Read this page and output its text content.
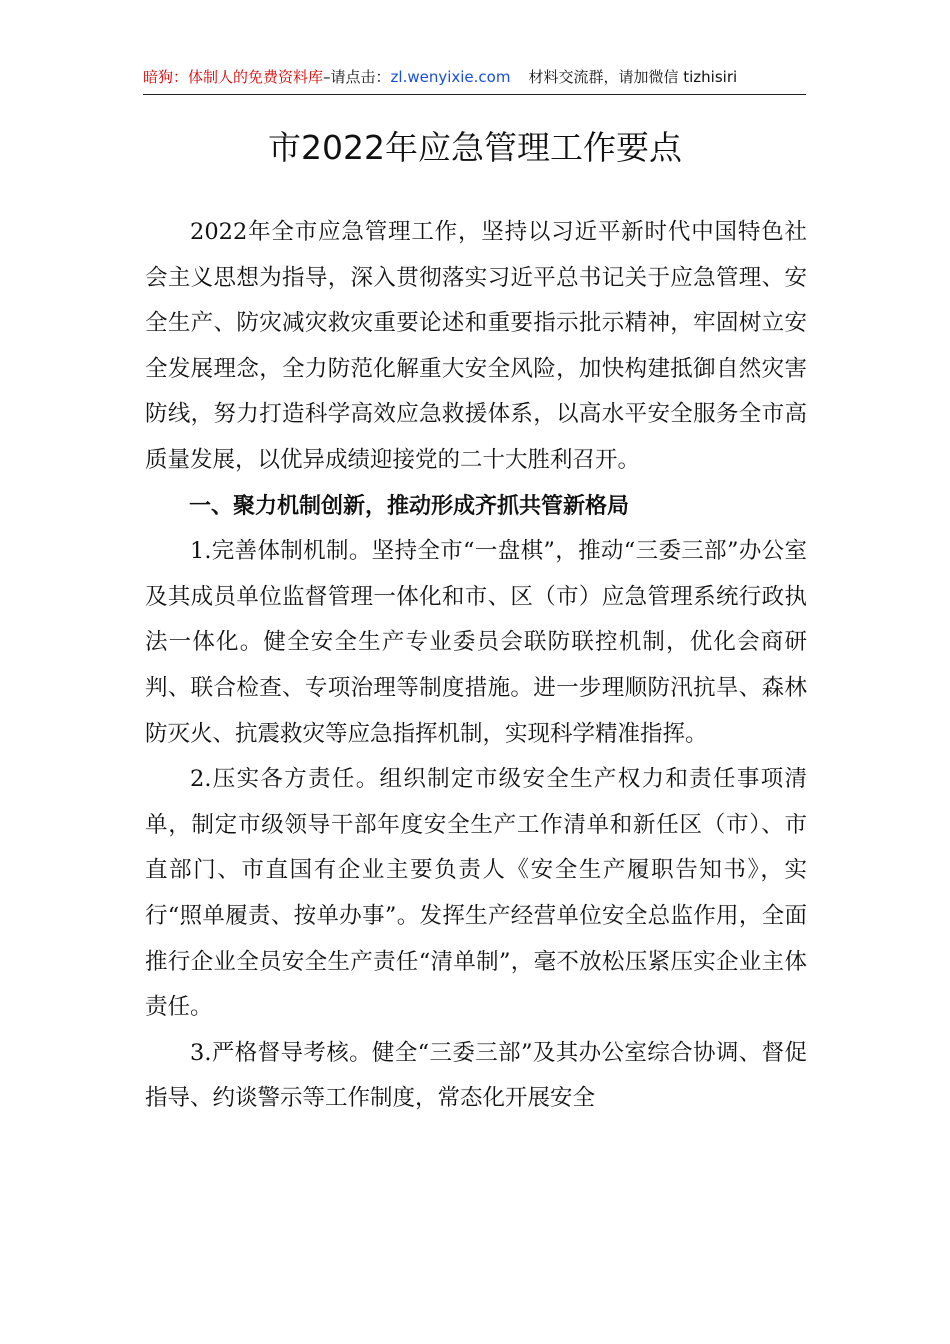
暗狗：体制人的免费资料库–请点击：zl.wenyixie.com 材料交流群，请加微信 tizhisiri
市2022年应急管理工作要点

2022年全市应急管理工作，坚持以习近平新时代中国特色社会主义思想为指导，深入贯彻落实习近平总书记关于应急管理、安全生产、防灾减灾救灾重要论述和重要指示批示精神，牢固树立安全发展理念，全力防范化解重大安全风险，加快构建抵御自然灾害防线，努力打造科学高效应急救援体系，以高水平安全服务全市高质量发展，以优异成绩迎接党的二十大胜利召开。

一、聚力机制创新，推动形成齐抓共管新格局

1.完善体制机制。坚持全市“一盘棋”，推动“三委三部”办公室及其成员单位监督管理一体化和市、区（市）应急管理系统行政执法一体化。健全安全生产专业委员会联防联控机制，优化会商研判、联合检查、专项治理等制度措施。进一步理顺防汛抗旱、森林防灭火、抗震救灾等应急指挥机制，实现科学精准指挥。

2.压实各方责任。组织制定市级安全生产权力和责任事项清单，制定市级领导干部年度安全生产工作清单和新任区（市）、市直部门、市直国有企业主要负责人《安全生产履职告知书》，实行“照单履责、按单办事”。发挥生产经营单位安全总监作用，全面推行企业全员安全生产责任“清单制”，毫不放松压紧压实企业主体责任。

3.严格督导考核。健全“三委三部”及其办公室综合协调、督促指导、约谈警示等工作制度，常态化开展安全
